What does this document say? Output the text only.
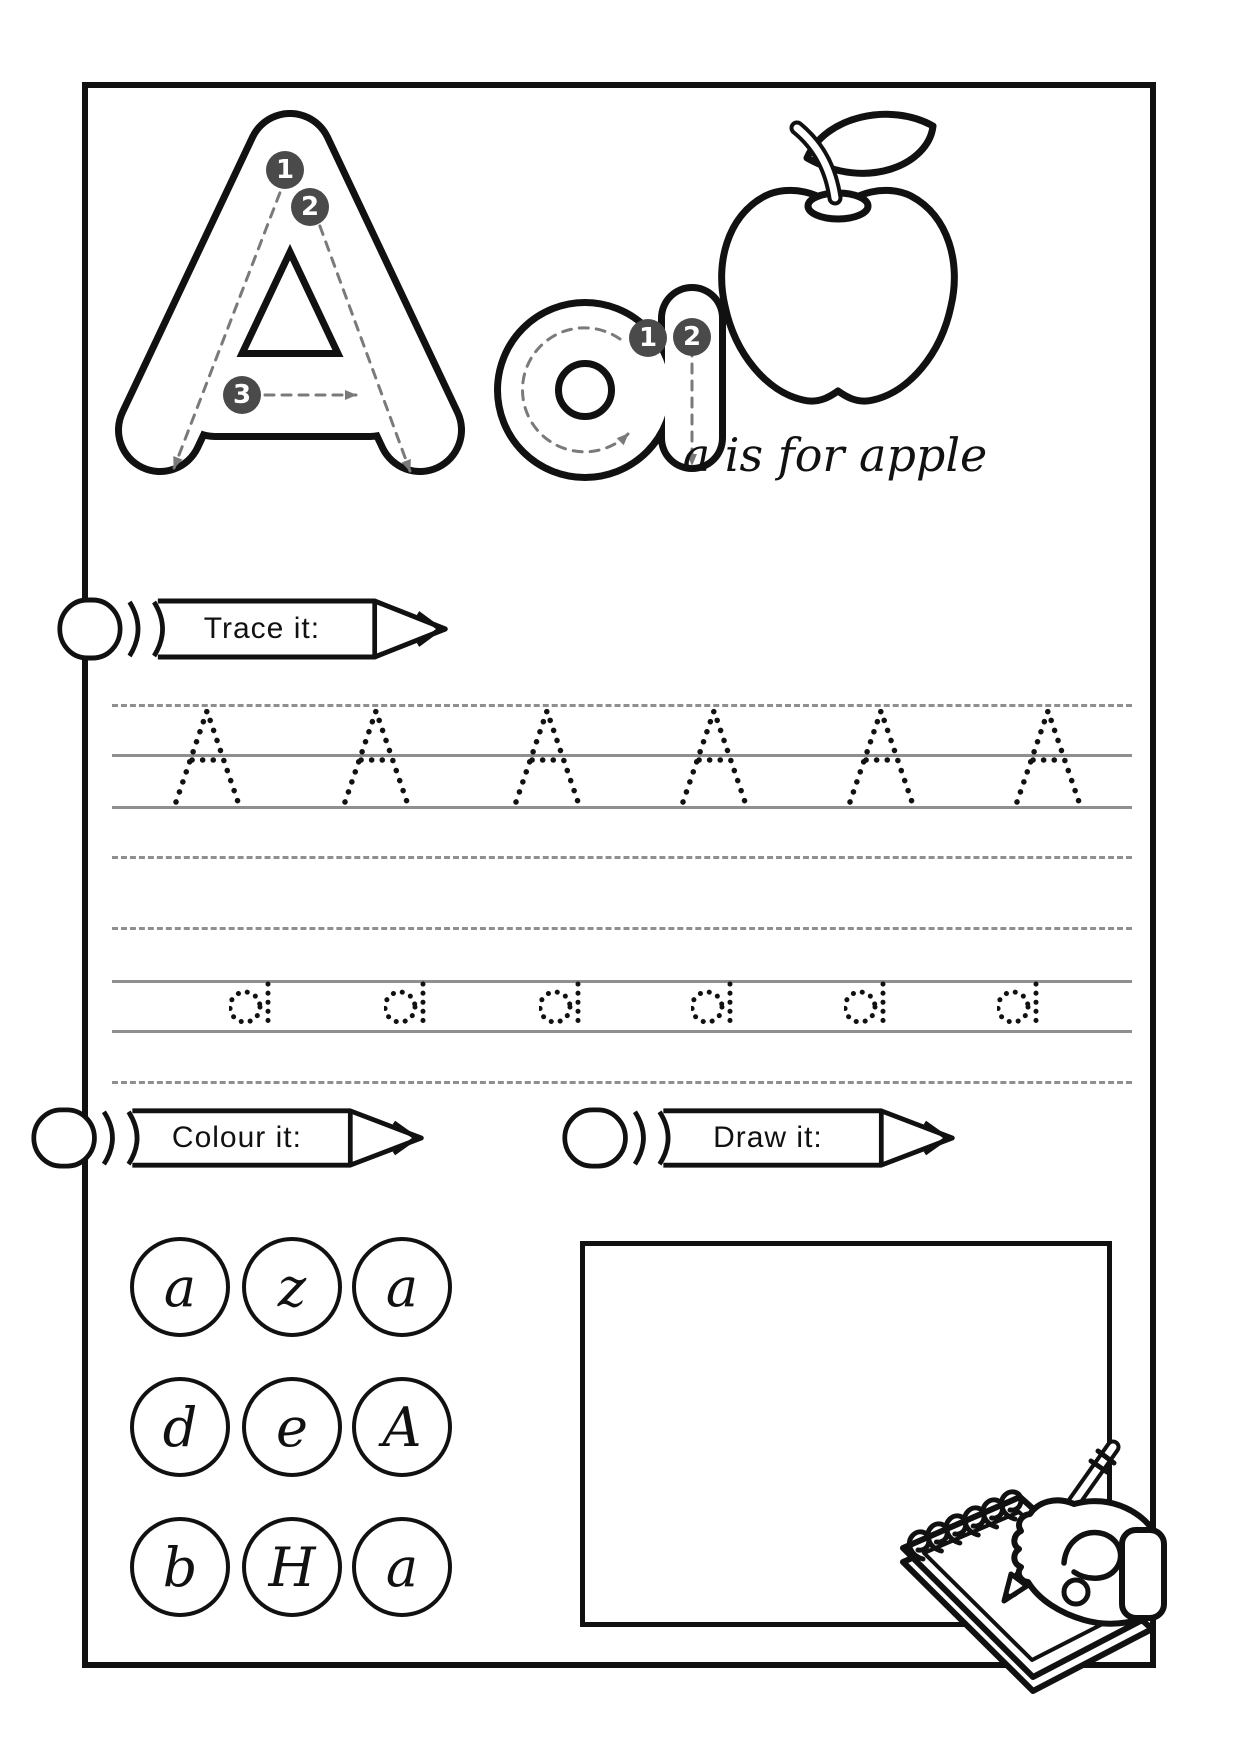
1
2
3
1 2
a is for apple
Trace it:
Colour it:	Draw it:
a z a
d e A
b H a
